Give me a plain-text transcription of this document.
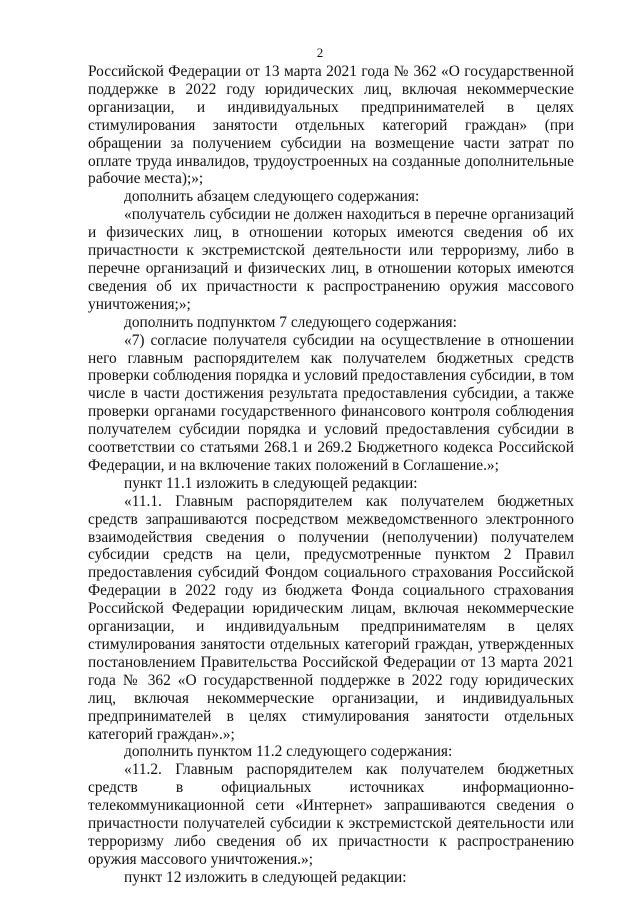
2

Российской Федерации от 13 марта 2021 года № 362 «О государственной поддержке в 2022 году юридических лиц, включая некоммерческие организации, и индивидуальных предпринимателей в целях стимулирования занятости отдельных категорий граждан» (при обращении за получением субсидии на возмещение части затрат по оплате труда инвалидов, трудоустроенных на созданные дополнительные рабочие места);»;

дополнить абзацем следующего содержания:

«получатель субсидии не должен находиться в перечне организаций и физических лиц, в отношении которых имеются сведения об их причастности к экстремистской деятельности или терроризму, либо в перечне организаций и физических лиц, в отношении которых имеются сведения об их причастности к распространению оружия массового уничтожения;»;

дополнить подпунктом 7 следующего содержания:

«7) согласие получателя субсидии на осуществление в отношении него главным распорядителем как получателем бюджетных средств проверки соблюдения порядка и условий предоставления субсидии, в том числе в части достижения результата предоставления субсидии, а также проверки органами государственного финансового контроля соблюдения получателем субсидии порядка и условий предоставления субсидии в соответствии со статьями 268.1 и 269.2 Бюджетного кодекса Российской Федерации, и на включение таких положений в Соглашение.»;

пункт 11.1 изложить в следующей редакции:

«11.1. Главным распорядителем как получателем бюджетных средств запрашиваются посредством межведомственного электронного взаимодействия сведения о получении (неполучении) получателем субсидии средств на цели, предусмотренные пунктом 2 Правил предоставления субсидий Фондом социального страхования Российской Федерации в 2022 году из бюджета Фонда социального страхования Российской Федерации юридическим лицам, включая некоммерческие организации, и индивидуальным предпринимателям в целях стимулирования занятости отдельных категорий граждан, утвержденных постановлением Правительства Российской Федерации от 13 марта 2021 года № 362 «О государственной поддержке в 2022 году юридических лиц, включая некоммерческие организации, и индивидуальных предпринимателей в целях стимулирования занятости отдельных категорий граждан».»;

дополнить пунктом 11.2 следующего содержания:

«11.2. Главным распорядителем как получателем бюджетных средств в официальных источниках информационно-телекоммуникационной сети «Интернет» запрашиваются сведения о причастности получателей субсидии к экстремистской деятельности или терроризму либо сведения об их причастности к распространению оружия массового уничтожения.»;

пункт 12 изложить в следующей редакции:
